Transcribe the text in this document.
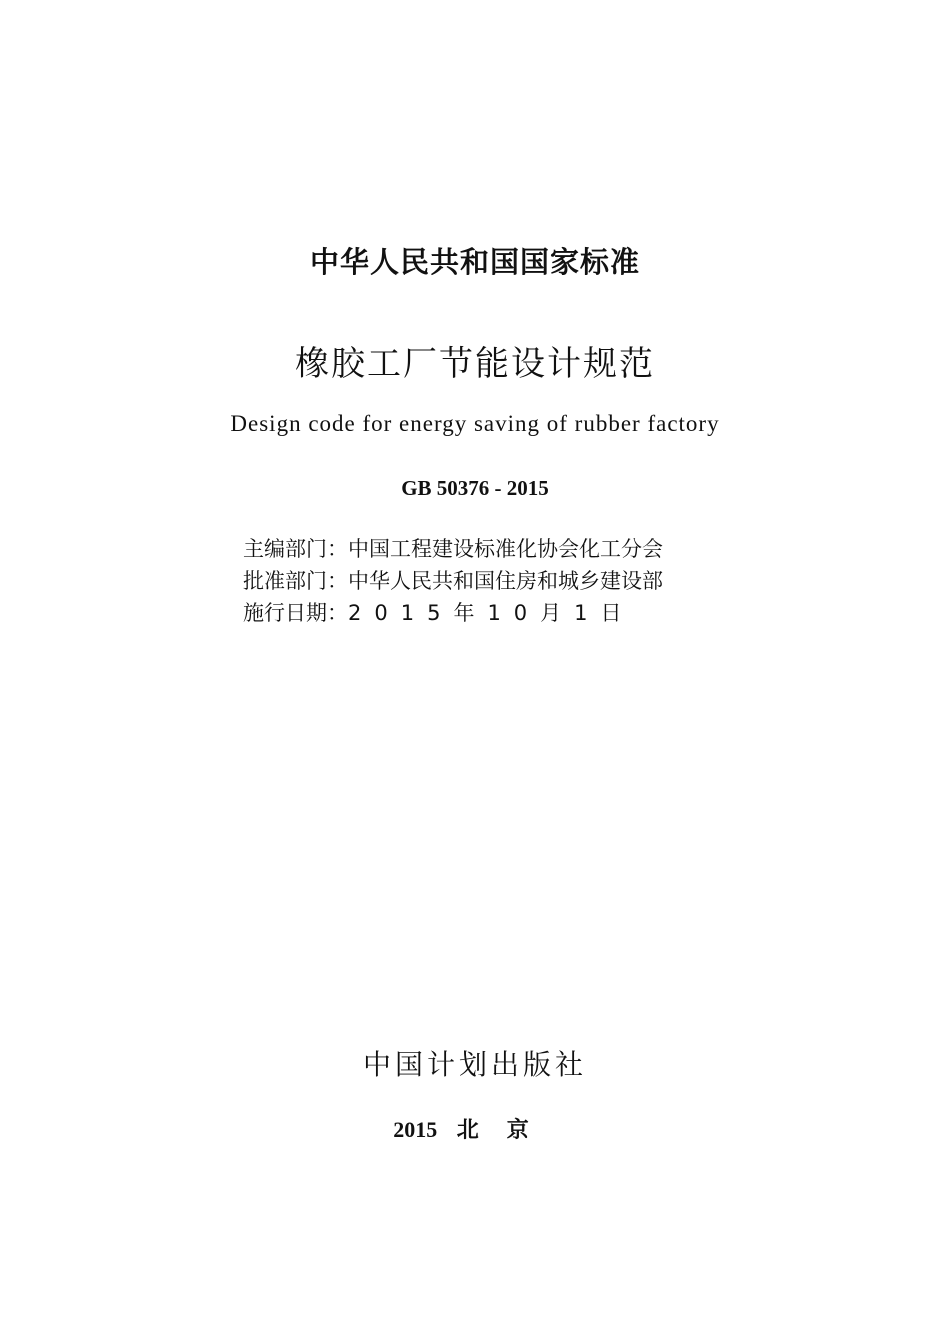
中华人民共和国国家标准
橡胶工厂节能设计规范
Design code for energy saving of rubber factory
GB 50376 - 2015
主编部门：中国工程建设标准化协会化工分会
批准部门：中华人民共和国住房和城乡建设部
施行日期：2015年10月1日
中国计划出版社
2015 北京
